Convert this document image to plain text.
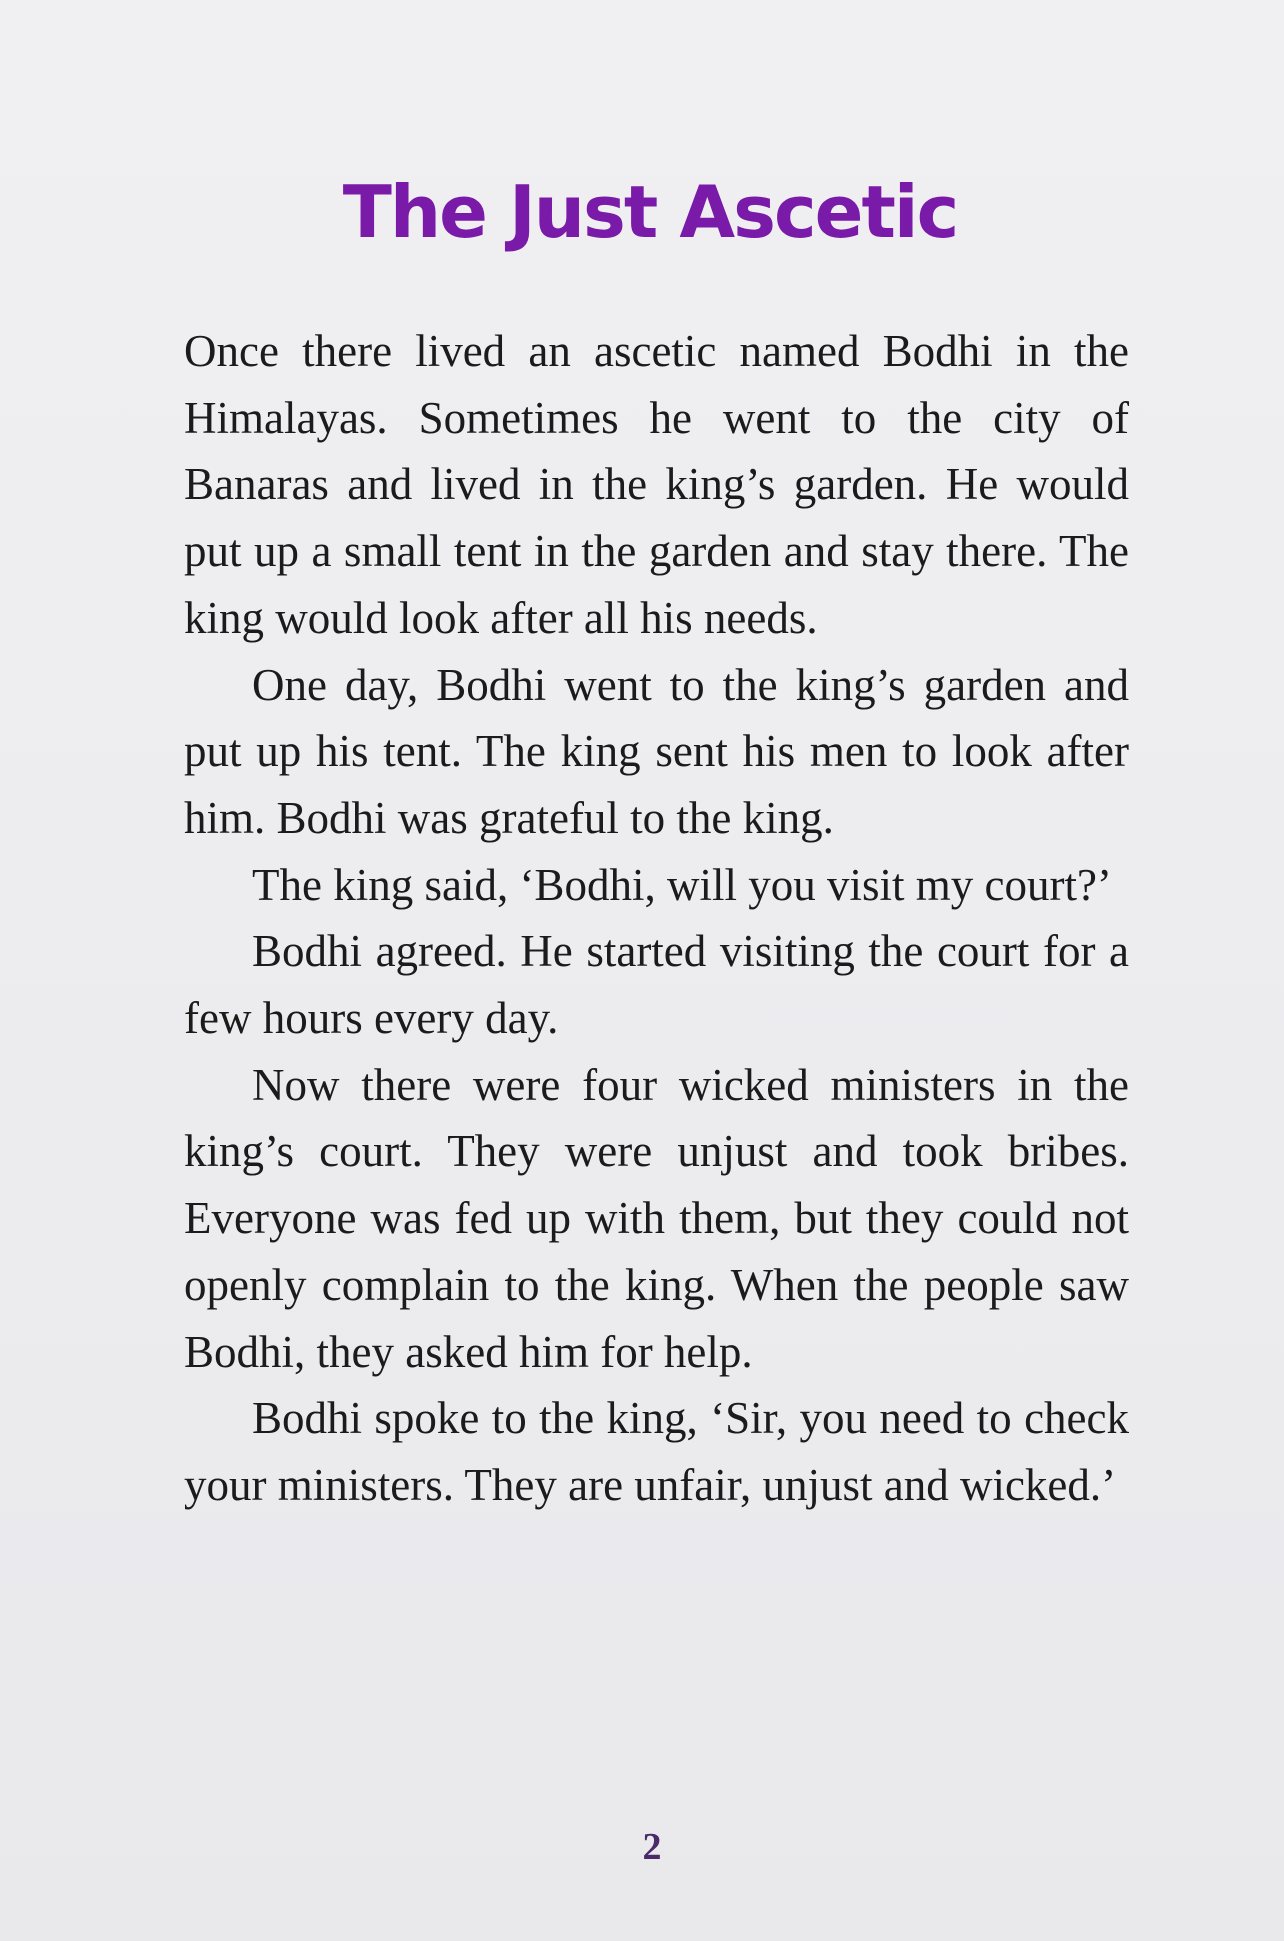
The Just Ascetic

Once there lived an ascetic named Bodhi in the Himalayas. Sometimes he went to the city of Banaras and lived in the king’s garden. He would put up a small tent in the garden and stay there. The king would look after all his needs.

One day, Bodhi went to the king’s garden and put up his tent. The king sent his men to look after him. Bodhi was grateful to the king.

The king said, ‘Bodhi, will you visit my court?’

Bodhi agreed. He started visiting the court for a few hours every day.

Now there were four wicked ministers in the king’s court. They were unjust and took bribes. Everyone was fed up with them, but they could not openly complain to the king. When the people saw Bodhi, they asked him for help.

Bodhi spoke to the king, ‘Sir, you need to check your ministers. They are unfair, unjust and wicked.’

2
